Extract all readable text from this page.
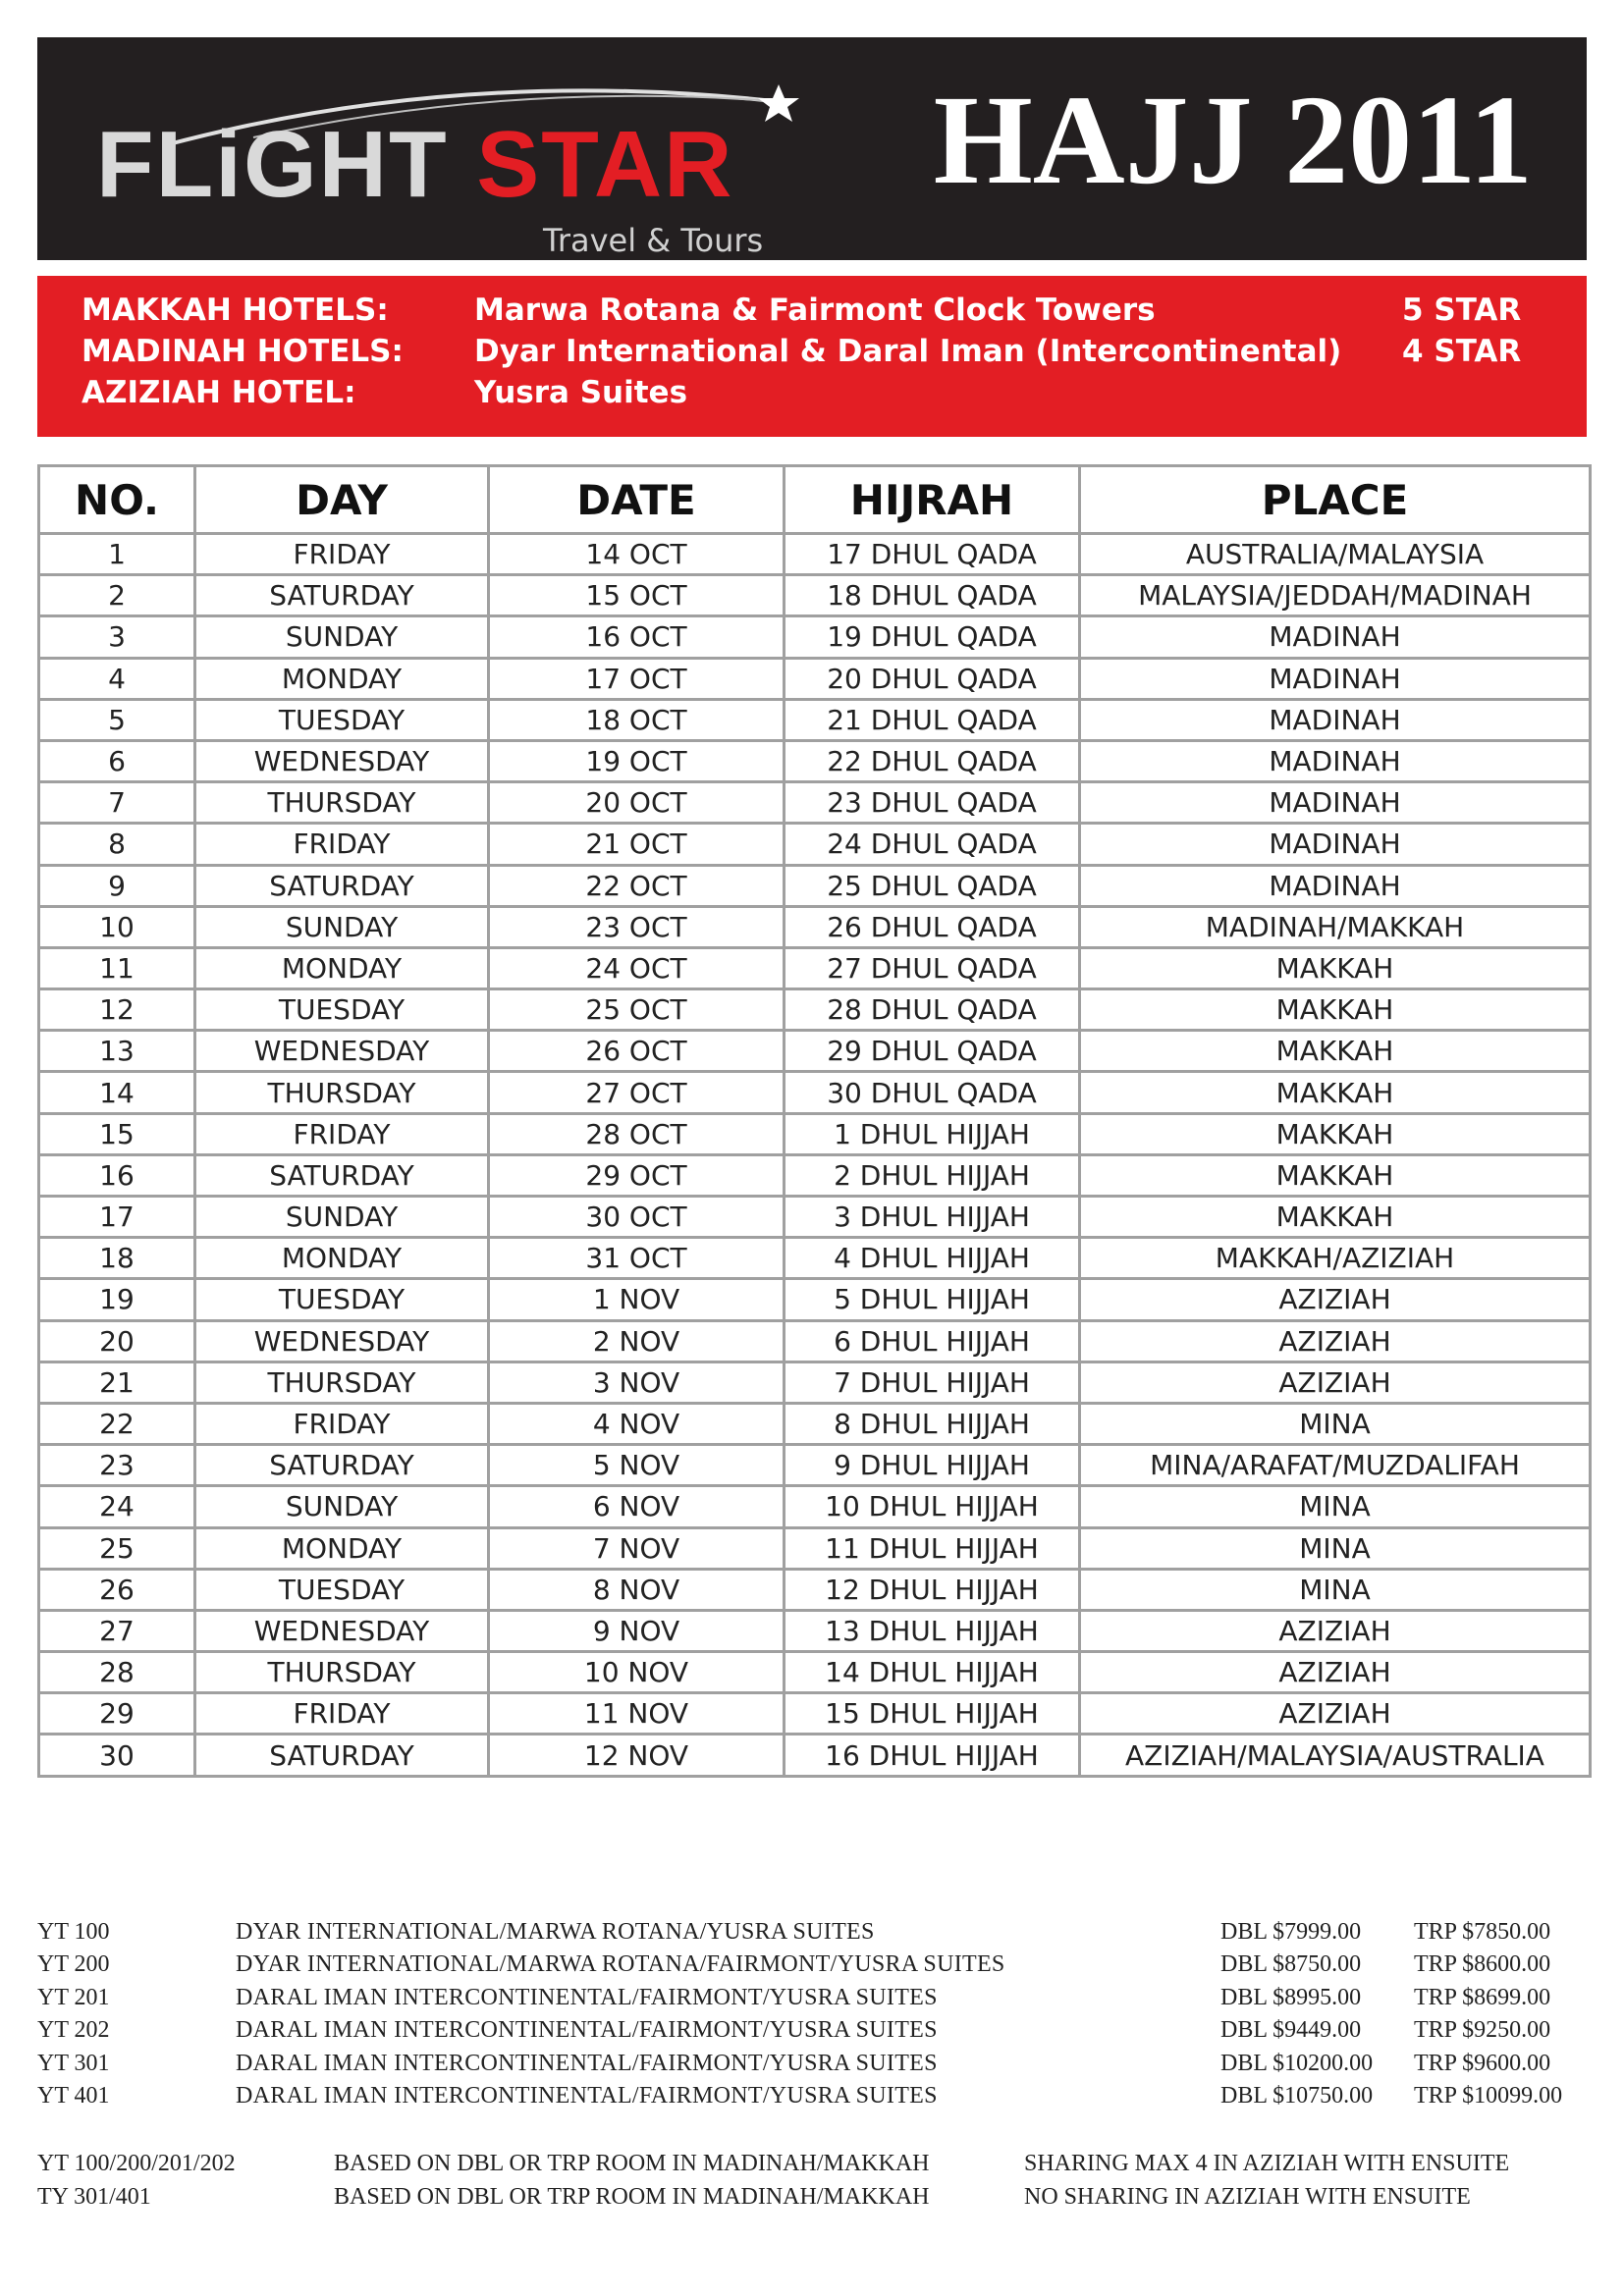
FLiGHT STAR
Travel & Tours
HAJJ 2011
MAKKAH HOTELS:	Marwa Rotana & Fairmont Clock Towers	5 STAR
MADINAH HOTELS: Dyar International & Daral Iman (Intercontinental) 4 STAR
AZIZIAH HOTEL:	Yusra Suites
NO.	DAY	DATE	HIJRAH	PLACE
1	FRIDAY	14 OCT	17 DHUL QADA	AUSTRALIA/MALAYSIA
2	SATURDAY	15 OCT	18 DHUL QADA	MALAYSIA/JEDDAH/MADINAH
3	SUNDAY	16 OCT	19 DHUL QADA	MADINAH
4	MONDAY	17 OCT	20 DHUL QADA	MADINAH
5	TUESDAY	18 OCT	21 DHUL QADA	MADINAH
6	WEDNESDAY	19 OCT	22 DHUL QADA	MADINAH
7	THURSDAY	20 OCT	23 DHUL QADA	MADINAH
8	FRIDAY	21 OCT	24 DHUL QADA	MADINAH
9	SATURDAY	22 OCT	25 DHUL QADA	MADINAH
10	SUNDAY	23 OCT	26 DHUL QADA	MADINAH/MAKKAH
11	MONDAY	24 OCT	27 DHUL QADA	MAKKAH
12	TUESDAY	25 OCT	28 DHUL QADA	MAKKAH
13	WEDNESDAY	26 OCT	29 DHUL QADA	MAKKAH
14	THURSDAY	27 OCT	30 DHUL QADA	MAKKAH
15	FRIDAY	28 OCT	1 DHUL HIJJAH	MAKKAH
16	SATURDAY	29 OCT	2 DHUL HIJJAH	MAKKAH
17	SUNDAY	30 OCT	3 DHUL HIJJAH	MAKKAH
18	MONDAY	31 OCT	4 DHUL HIJJAH	MAKKAH/AZIZIAH
19	TUESDAY	1 NOV	5 DHUL HIJJAH	AZIZIAH
20	WEDNESDAY	2 NOV	6 DHUL HIJJAH	AZIZIAH
21	THURSDAY	3 NOV	7 DHUL HIJJAH	AZIZIAH
22	FRIDAY	4 NOV	8 DHUL HIJJAH	MINA
23	SATURDAY	5 NOV	9 DHUL HIJJAH	MINA/ARAFAT/MUZDALIFAH
24	SUNDAY	6 NOV	10 DHUL HIJJAH	MINA
25	MONDAY	7 NOV	11 DHUL HIJJAH	MINA
26	TUESDAY	8 NOV	12 DHUL HIJJAH	MINA
27	WEDNESDAY	9 NOV	13 DHUL HIJJAH	AZIZIAH
28	THURSDAY	10 NOV	14 DHUL HIJJAH	AZIZIAH
29	FRIDAY	11 NOV	15 DHUL HIJJAH	AZIZIAH
30	SATURDAY	12 NOV	16 DHUL HIJJAH	AZIZIAH/MALAYSIA/AUSTRALIA
YT 100	DYAR INTERNATIONAL/MARWA ROTANA/YUSRA SUITES	DBL $7999.00 TRP $7850.00
YT 200	DYAR INTERNATIONAL/MARWA ROTANA/FAIRMONT/YUSRA SUITES	DBL $8750.00 TRP $8600.00
YT 201	DARAL IMAN INTERCONTINENTAL/FAIRMONT/YUSRA SUITES	DBL $8995.00 TRP $8699.00
YT 202	DARAL IMAN INTERCONTINENTAL/FAIRMONT/YUSRA SUITES	DBL $9449.00 TRP $9250.00
YT 301	DARAL IMAN INTERCONTINENTAL/FAIRMONT/YUSRA SUITES	DBL $10200.00 TRP $9600.00
YT 401	DARAL IMAN INTERCONTINENTAL/FAIRMONT/YUSRA SUITES	DBL $10750.00 TRP $10099.00
YT 100/200/201/202	BASED ON DBL OR TRP ROOM IN MADINAH/MAKKAH	SHARING MAX 4 IN AZIZIAH WITH ENSUITE
TY 301/401	BASED ON DBL OR TRP ROOM IN MADINAH/MAKKAH	NO SHARING IN AZIZIAH WITH ENSUITE
